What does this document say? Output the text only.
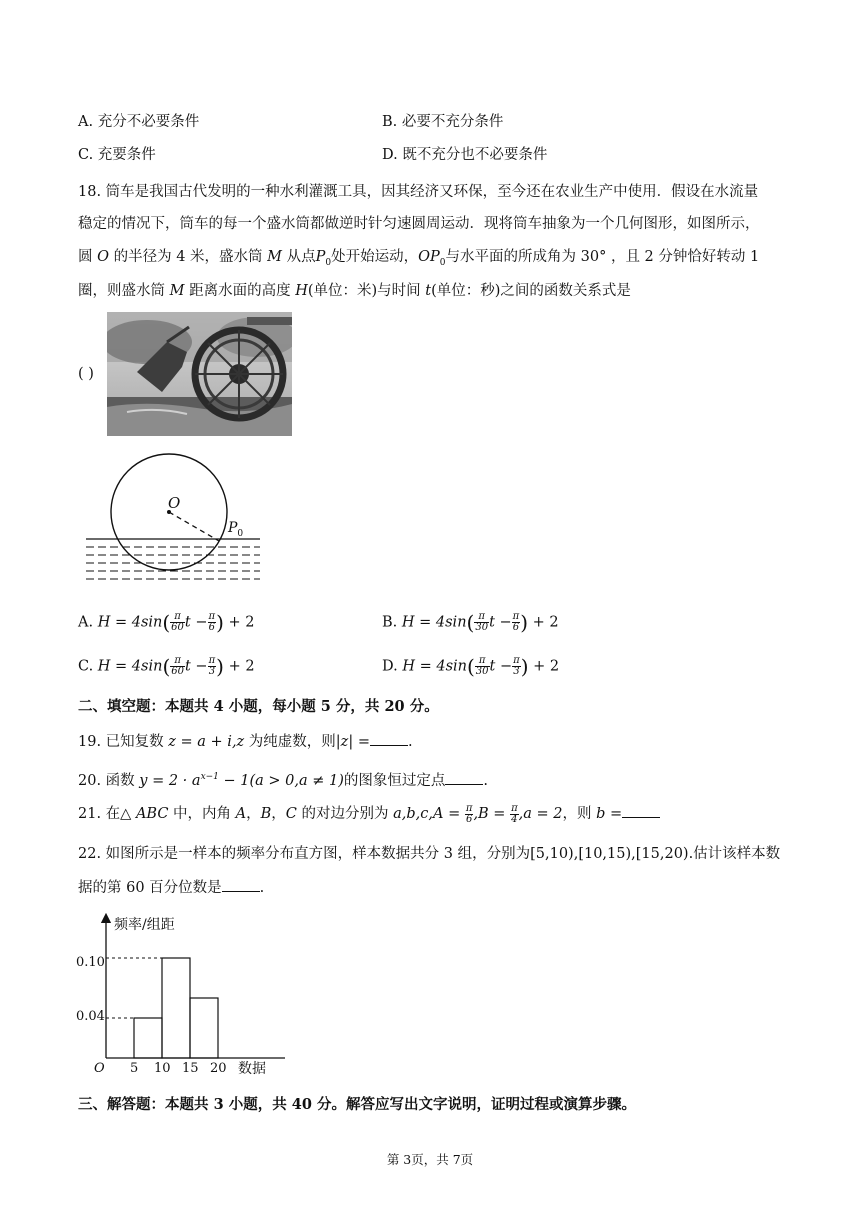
A. 充分不必要条件	B. 必要不充分条件
C. 充要条件	D. 既不充分也不必要条件
18. 筒车是我国古代发明的一种水利灌溉工具，因其经济又环保，至今还在农业生产中使用．假设在水流量
稳定的情况下，筒车的每一个盛水筒都做逆时针匀速圆周运动．现将筒车抽象为一个几何图形，如图所示，
圆 O 的半径为 4 米，盛水筒 M 从点$P_0$处开始运动，$OP_0$与水平面的所成角为 30° ，且 2 分钟恰好转动 1
圈，则盛水筒 M 距离水面的高度 H(单位：米)与时间 t(单位：秒)之间的函数关系式是
( )
O
$P_0$
A. $H = 4\sin( \frac{\pi}{60}$ $t - \frac{\pi}{6}$ ) + 2	B. $H = 4\sin( \frac{\pi}{30}$ $t - \frac{\pi}{6}$ ) + 2
C. $H = 4\sin( \frac{\pi}{60}$ $t - \frac{\pi}{3}$ ) + 2	D. $H = 4\sin( \frac{\pi}{30}$ $t - \frac{\pi}{3}$ ) + 2
二、填空题：本题共 4 小题，每小题 5 分，共 20 分。
19. 已知复数 z = a + i,z 为纯虚数，则|z| =	.
20. 函数 $y = 2 \cdot a^{x-1} - 1(a > 0,a \ne 1)$的图象恒过定点	.
21. 在△ ABC 中，内角 A，B，C 的对边分别为 $a,b,c,A = \frac{\pi}{6} ,B = \frac{\pi}{4} ,a = 2$，则 b =
22. 如图所示是一样本的频率分布直方图，样本数据共分 3 组，分别为[5,10),[10,15),[15,20).估计该样本数
据的第 60 百分位数是	.
频率/组距
0.10
0.04
O 5 10 15 20 数据
三、解答题：本题共 3 小题，共 40 分。解答应写出文字说明，证明过程或演算步骤。
第 3页，共 7页
